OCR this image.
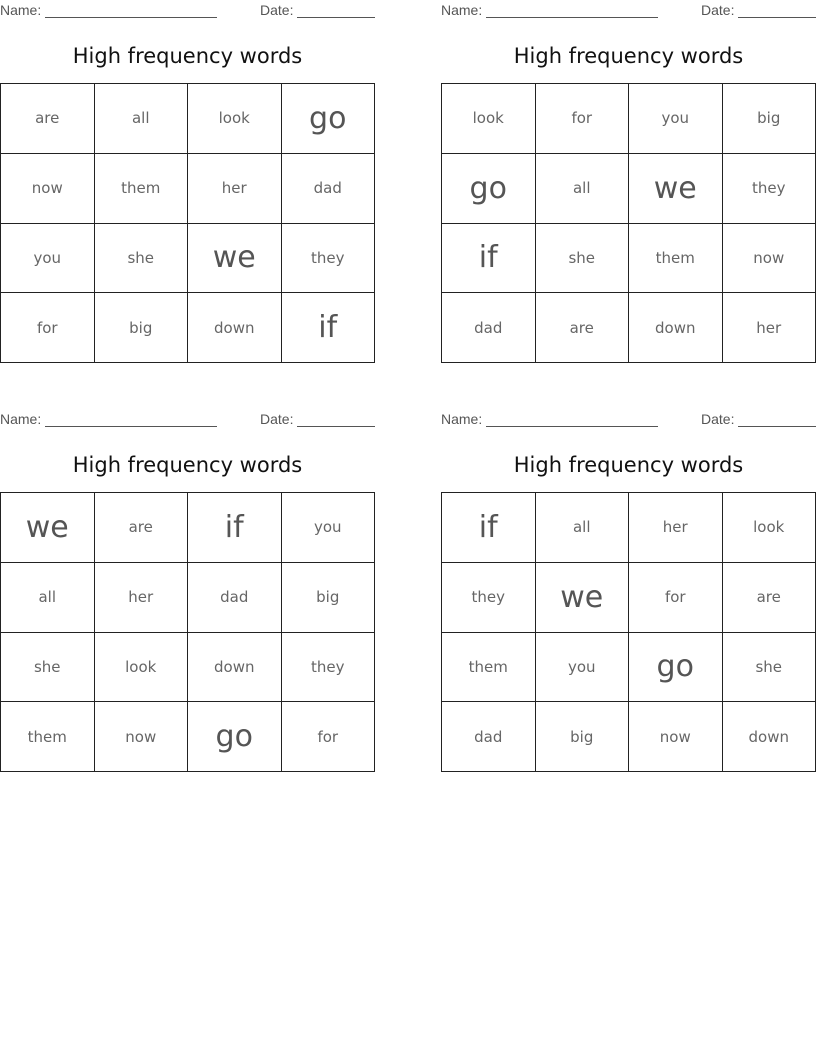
Name:	Date:
High frequency words
are	all	look	go
now	them	her	dad
you	she	we	they
for	big	down	if
Name:	Date:
High frequency words
look	for	you	big
go	all	we	they
if	she	them	now
dad	are	down	her
Name:	Date:
High frequency words
we	are	if	you
all	her	dad	big
she	look	down	they
them	now	go	for
Name:	Date:
High frequency words
if	all	her	look
they	we	for	are
them	you	go	she
dad	big	now	down
